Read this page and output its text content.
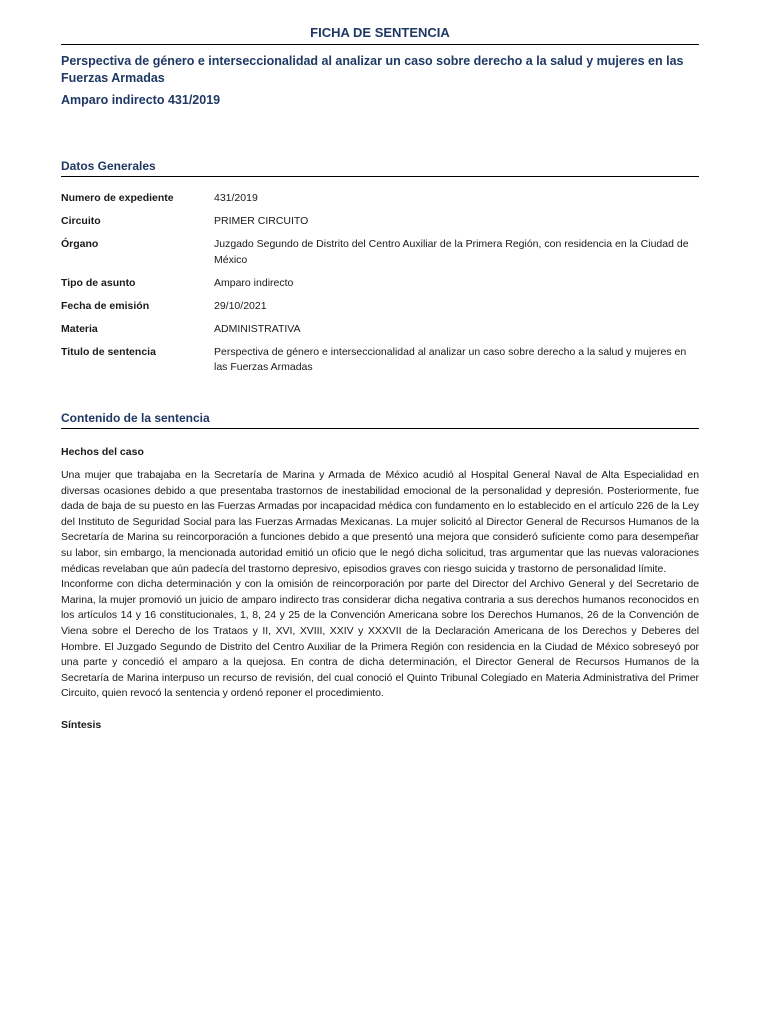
FICHA DE SENTENCIA
Perspectiva de género e interseccionalidad al analizar un caso sobre derecho a la salud y mujeres en las Fuerzas Armadas
Amparo indirecto 431/2019
Datos Generales
Numero de expediente	431/2019
Circuito	PRIMER CIRCUITO
Órgano	Juzgado Segundo de Distrito del Centro Auxiliar de la Primera Región, con residencia en la Ciudad de México
Tipo de asunto	Amparo indirecto
Fecha de emisión	29/10/2021
Materia	ADMINISTRATIVA
Titulo de sentencia	Perspectiva de género e interseccionalidad al analizar un caso sobre derecho a la salud y mujeres en las Fuerzas Armadas
Contenido de la sentencia
Hechos del caso

Una mujer que trabajaba en la Secretaría de Marina y Armada de México acudió al Hospital General Naval de Alta Especialidad en diversas ocasiones debido a que presentaba trastornos de inestabilidad emocional de la personalidad y depresión. Posteriormente, fue dada de baja de su puesto en las Fuerzas Armadas por incapacidad médica con fundamento en lo establecido en el artículo 226 de la Ley del Instituto de Seguridad Social para las Fuerzas Armadas Mexicanas. La mujer solicitó al Director General de Recursos Humanos de la Secretaría de Marina su reincorporación a funciones debido a que presentó una mejora que consideró suficiente como para desempeñar su labor, sin embargo, la mencionada autoridad emitió un oficio que le negó dicha solicitud, tras argumentar que las nuevas valoraciones médicas revelaban que aún padecía del trastorno depresivo, episodios graves con riesgo suicida y trastorno de personalidad límite.

Inconforme con dicha determinación y con la omisión de reincorporación por parte del Director del Archivo General y del Secretario de Marina, la mujer promovió un juicio de amparo indirecto tras considerar dicha negativa contraria a sus derechos humanos reconocidos en los artículos 14 y 16 constitucionales, 1, 8, 24 y 25 de la Convención Americana sobre los Derechos Humanos, 26 de la Convención de Viena sobre el Derecho de los Trataos y II, XVI, XVIII, XXIV y XXXVII de la Declaración Americana de los Derechos y Deberes del Hombre. El Juzgado Segundo de Distrito del Centro Auxiliar de la Primera Región con residencia en la Ciudad de México sobreseyó por una parte y concedió el amparo a la quejosa. En contra de dicha determinación, el Director General de Recursos Humanos de la Secretaría de Marina interpuso un recurso de revisión, del cual conoció el Quinto Tribunal Colegiado en Materia Administrativa del Primer Circuito, quien revocó la sentencia y ordenó reponer el procedimiento.

Síntesis
